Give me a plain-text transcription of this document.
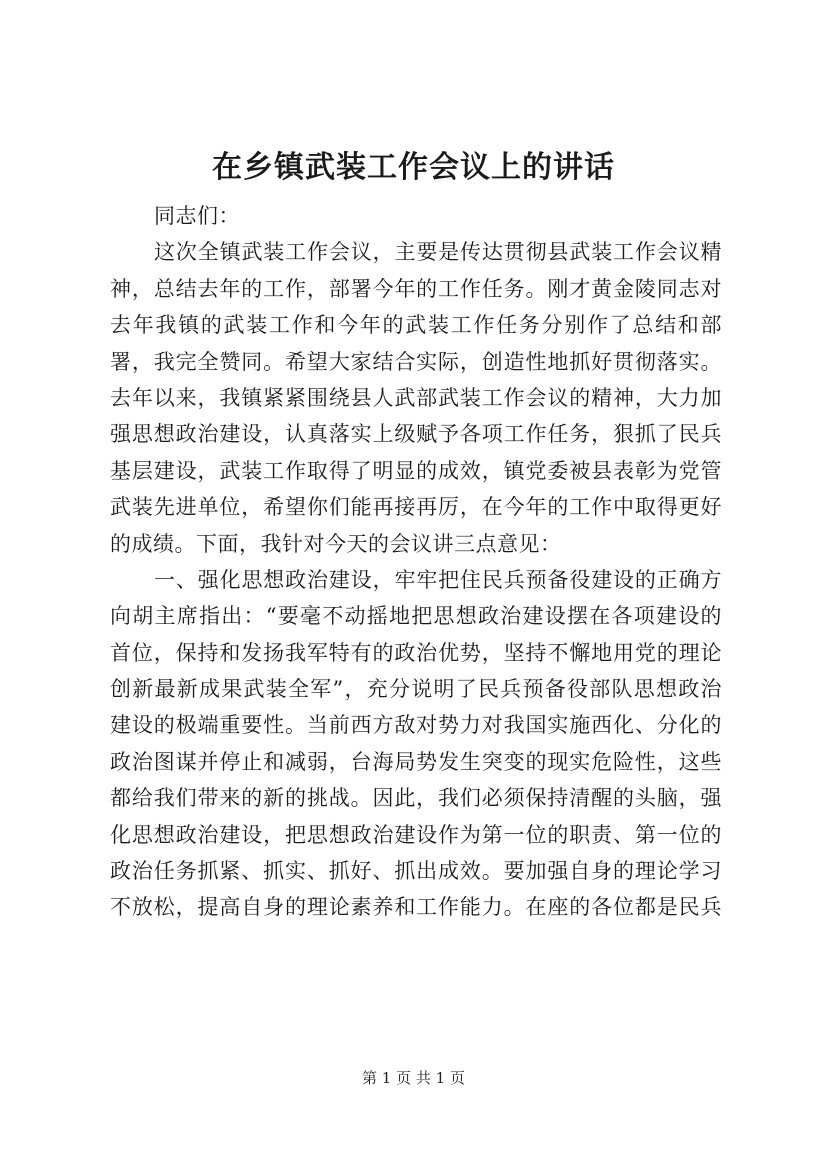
在乡镇武装工作会议上的讲话
同志们：
这次全镇武装工作会议，主要是传达贯彻县武装工作会议精
神，总结去年的工作，部署今年的工作任务。刚才黄金陵同志对
去年我镇的武装工作和今年的武装工作任务分别作了总结和部
署，我完全赞同。希望大家结合实际，创造性地抓好贯彻落实。
去年以来，我镇紧紧围绕县人武部武装工作会议的精神，大力加
强思想政治建设，认真落实上级赋予各项工作任务，狠抓了民兵
基层建设，武装工作取得了明显的成效，镇党委被县表彰为党管
武装先进单位，希望你们能再接再厉，在今年的工作中取得更好
的成绩。下面，我针对今天的会议讲三点意见：
一、强化思想政治建设，牢牢把住民兵预备役建设的正确方
向胡主席指出：“要毫不动摇地把思想政治建设摆在各项建设的
首位，保持和发扬我军特有的政治优势，坚持不懈地用党的理论
创新最新成果武装全军”，充分说明了民兵预备役部队思想政治
建设的极端重要性。当前西方敌对势力对我国实施西化、分化的
政治图谋并停止和减弱，台海局势发生突变的现实危险性，这些
都给我们带来的新的挑战。因此，我们必须保持清醒的头脑，强
化思想政治建设，把思想政治建设作为第一位的职责、第一位的
政治任务抓紧、抓实、抓好、抓出成效。要加强自身的理论学习
不放松，提高自身的理论素养和工作能力。在座的各位都是民兵
第 1 页 共 1 页
